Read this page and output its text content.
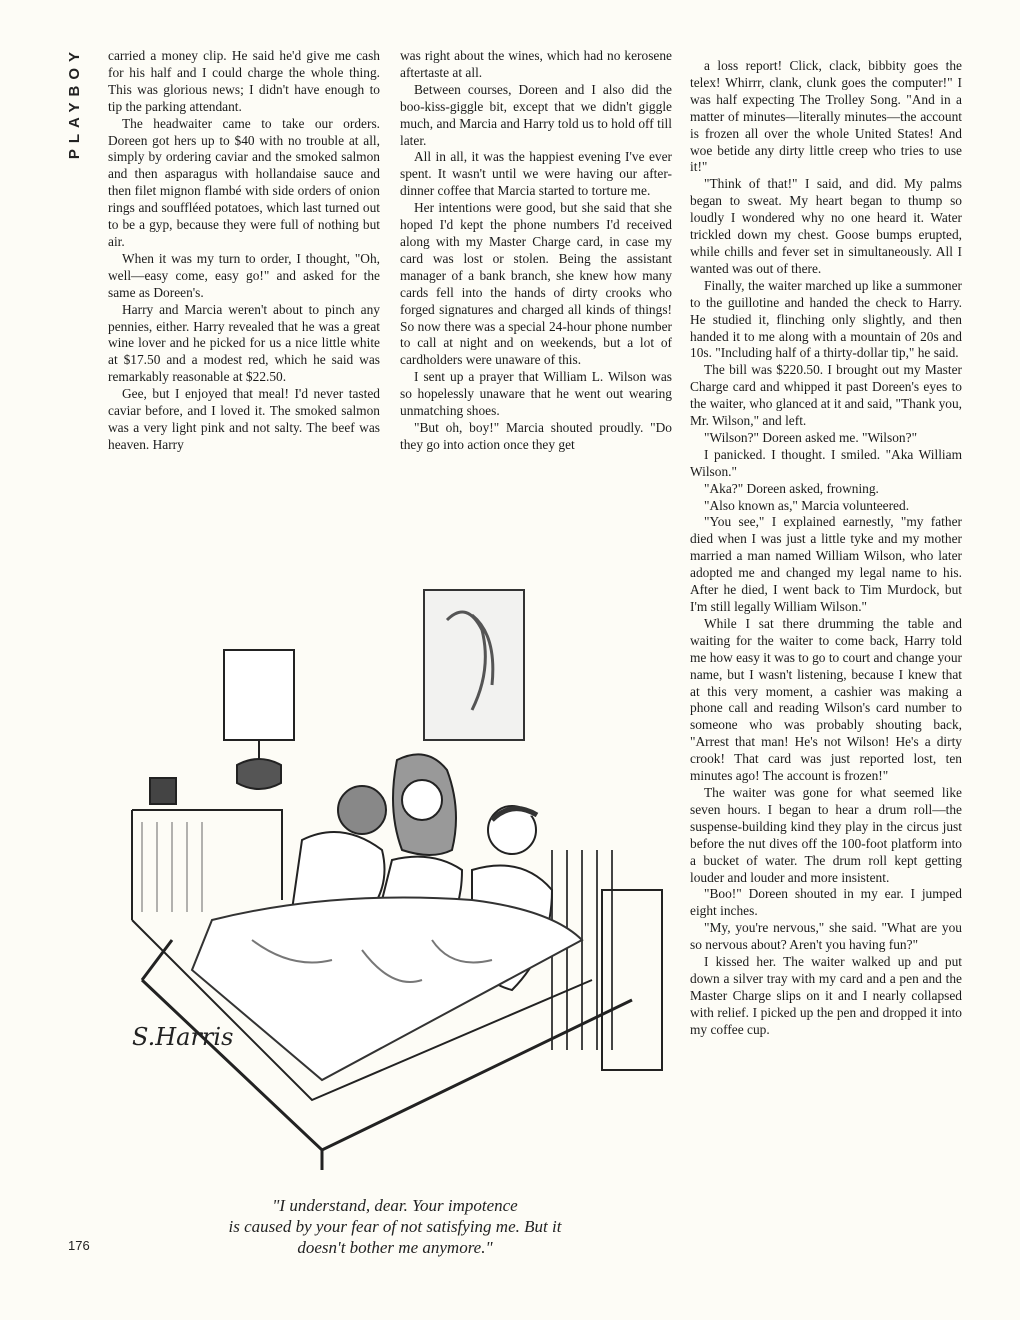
PLAYBOY	carried a money clip. He said he'd give me cash for his half and I could charge the whole thing. This was glorious news; I didn't have enough to tip the parking attendant.

The headwaiter came to take our orders. Doreen got hers up to $40 with no trouble at all, simply by ordering caviar and the smoked salmon and then asparagus with hollandaise sauce and then filet mignon flambé with side orders of onion rings and souffléed potatoes, which last turned out to be a gyp, because they were full of nothing but air.

When it was my turn to order, I thought, "Oh, well—easy come, easy go!" and asked for the same as Doreen's.

Harry and Marcia weren't about to pinch any pennies, either. Harry revealed that he was a great wine lover and he picked for us a nice little white at $17.50 and a modest red, which he said was remarkably reasonable at $22.50.

Gee, but I enjoyed that meal! I'd never tasted caviar before, and I loved it. The smoked salmon was a very light pink and not salty. The beef was heaven. Harry

was right about the wines, which had no kerosene aftertaste at all.

Between courses, Doreen and I also did the boo-kiss-giggle bit, except that we didn't giggle much, and Marcia and Harry told us to hold off till later.

All in all, it was the happiest evening I've ever spent. It wasn't until we were having our after-dinner coffee that Marcia started to torture me.

Her intentions were good, but she said that she hoped I'd kept the phone numbers I'd received along with my Master Charge card, in case my card was lost or stolen. Being the assistant manager of a bank branch, she knew how many cards fell into the hands of dirty crooks who forged signatures and charged all kinds of things! So now there was a special 24-hour phone number to call at night and on weekends, but a lot of cardholders were unaware of this.

I sent up a prayer that William L. Wilson was so hopelessly unaware that he went out wearing unmatching shoes.

"But oh, boy!" Marcia shouted proudly. "Do they go into action once they get

a loss report! Click, clack, bibbity goes the telex! Whirrr, clank, clunk goes the computer!" I was half expecting The Trolley Song. "And in a matter of minutes—literally minutes—the account is frozen all over the whole United States! And woe betide any dirty little creep who tries to use it!"

"Think of that!" I said, and did. My palms began to sweat. My heart began to thump so loudly I wondered why no one heard it. Water trickled down my chest. Goose bumps erupted, while chills and fever set in simultaneously. All I wanted was out of there.

Finally, the waiter marched up like a summoner to the guillotine and handed the check to Harry. He studied it, flinching only slightly, and then handed it to me along with a mountain of 20s and 10s. "Including half of a thirty-dollar tip," he said.

The bill was $220.50. I brought out my Master Charge card and whipped it past Doreen's eyes to the waiter, who glanced at it and said, "Thank you, Mr. Wilson," and left.

"Wilson?" Doreen asked me. "Wilson?"

I panicked. I thought. I smiled. "Aka William Wilson."

"Aka?" Doreen asked, frowning.

"Also known as," Marcia volunteered.

"You see," I explained earnestly, "my father died when I was just a little tyke and my mother married a man named William Wilson, who later adopted me and changed my legal name to his. After he died, I went back to Tim Murdock, but I'm still legally William Wilson."

While I sat there drumming the table and waiting for the waiter to come back, Harry told me how easy it was to go to court and change your name, but I wasn't listening, because I knew that at this very moment, a cashier was making a phone call and reading Wilson's card number to someone who was probably shouting back, "Arrest that man! He's not Wilson! He's a dirty crook! That card was just reported lost, ten minutes ago! The account is frozen!"

The waiter was gone for what seemed like seven hours. I began to hear a drum roll—the suspense-building kind they play in the circus just before the nut dives off the 100-foot platform into a bucket of water. The drum roll kept getting louder and louder and more insistent.

"Boo!" Doreen shouted in my ear. I jumped eight inches.

"My, you're nervous," she said. "What are you so nervous about? Aren't you having fun?"

I kissed her. The waiter walked up and put down a silver tray with my card and a pen and the Master Charge slips on it and I nearly collapsed with relief. I picked up the pen and dropped it into my coffee cup.

S.Harris
"I understand, dear. Your impotence
is caused by your fear of not satisfying me. But it
doesn't bother me anymore."
176
